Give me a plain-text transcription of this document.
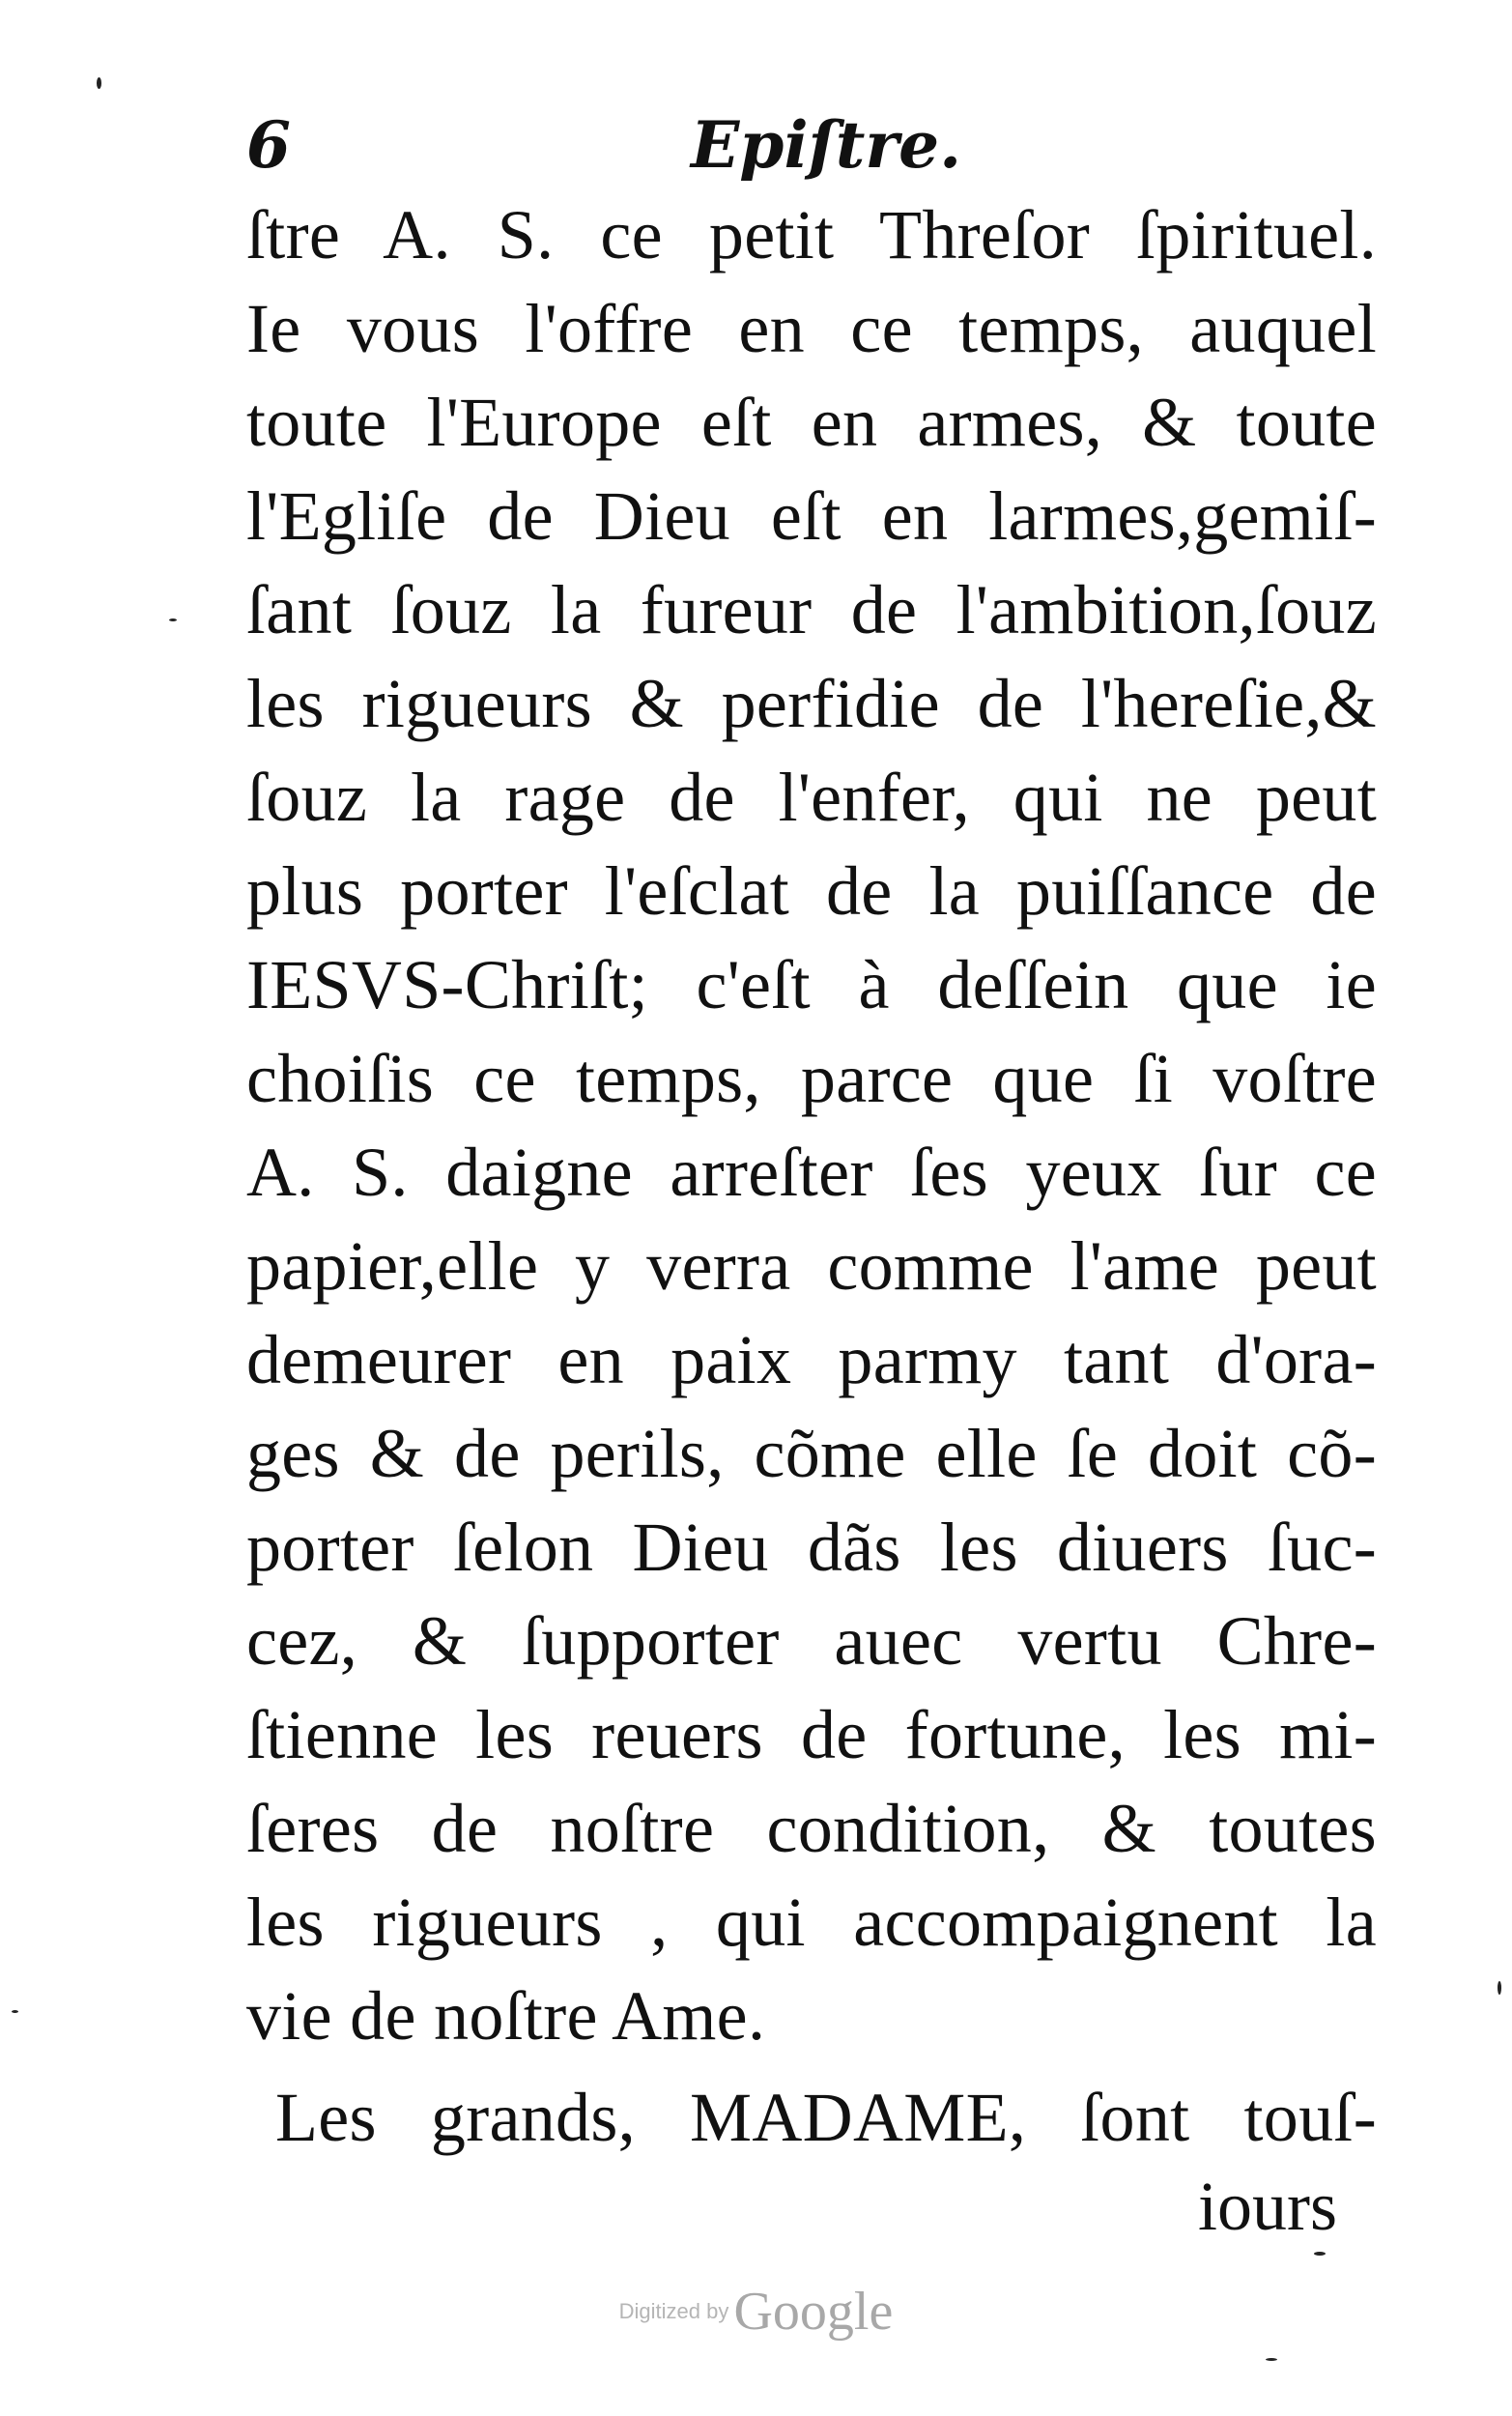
6	Epiſtre.
ſtre A. S. ce petit Threſor ſpirituel.
Ie vous l'offre en ce temps, auquel
toute l'Europe eſt en armes, & toute
l'Egliſe de Dieu eſt en larmes,gemiſ-
ſant ſouz la fureur de l'ambition,ſouz
les rigueurs & perfidie de l'hereſie,&
ſouz la rage de l'enfer, qui ne peut
plus porter l'eſclat de la puiſſance de
IESVS-Chriſt; c'eſt à deſſein que ie
choiſis ce temps, parce que ſi voſtre
A. S. daigne arreſter ſes yeux ſur ce
papier,elle y verra comme l'ame peut
demeurer en paix parmy tant d'ora-
ges & de perils, cõme elle ſe doit cõ-
porter ſelon Dieu dãs les diuers ſuc-
cez, & ſupporter auec vertu Chre-
ſtienne les reuers de fortune, les mi-
ſeres de noſtre condition, & toutes
les rigueurs , qui accompaignent la
vie de noſtre Ame.
Les grands, MADAME, ſont touſ-
iours
Digitized by Google
